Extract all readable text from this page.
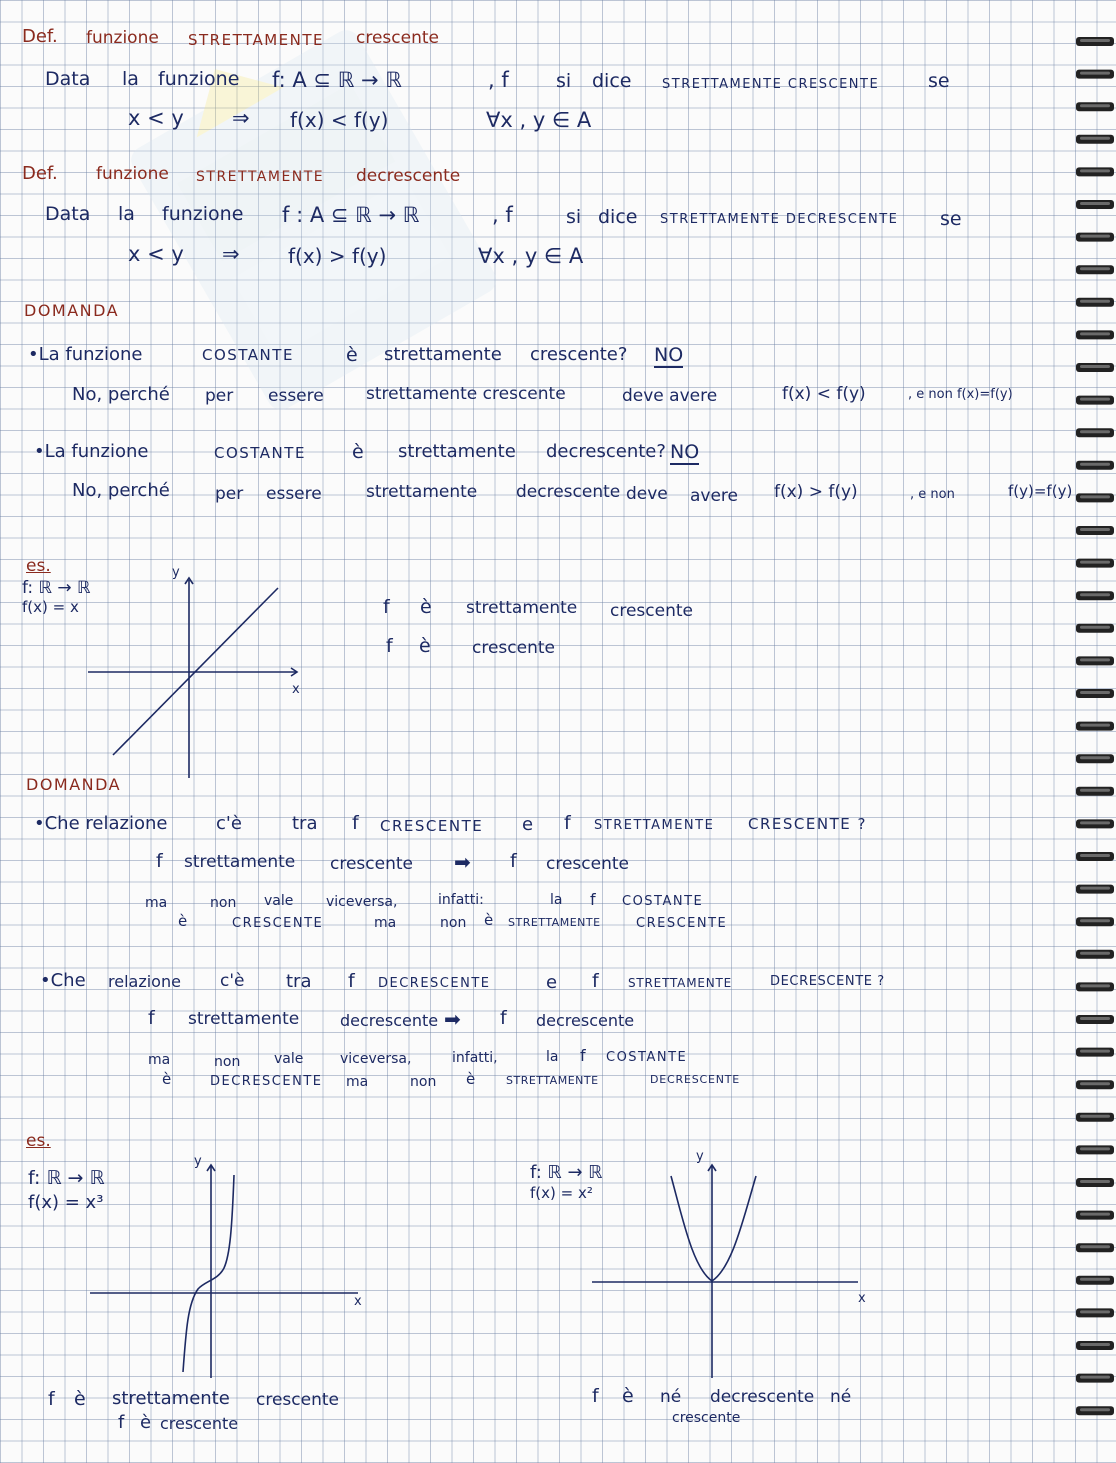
Def. funzione STRETTAMENTE crescente
Data la funzione f: A ⊆ ℝ → ℝ	, f si dice STRETTAMENTE CRESCENTE	se
x < y ⇒ f(x) < f(y)	∀x , y ∈ A
Def. funzione STRETTAMENTE decrescente
Data la funzione f : A ⊆ ℝ → ℝ	, f	si dice STRETTAMENTE DECRESCENTE se
x < y ⇒ f(x) > f(y)	∀x , y ∈ A
DOMANDA
•La funzione	COSTANTE	è strettamente crescente? NO
No, perché per essere strettamente crescente	deve avere	f(x) < f(y)	, e non f(x)=f(y)
•La funzione	COSTANTE è strettamente decrescente? NO
No, perché	per essere	strettamente decrescente deve avere f(x) > f(y)	, e non	f(y)=f(y)
es.
f: ℝ → ℝ
f(x) = x
y
x
f è strettamente crescente
f è crescente
DOMANDA
•Che relazione	c'è	tra f CRESCENTE e f STRETTAMENTE CRESCENTE ?
f strettamente crescente ➡ f crescente
ma	non vale viceversa,	infatti:	la f COSTANTE
è	CRESCENTE	ma	non è STRETTAMENTE	CRESCENTE
•Che relazione c'è tra f DECRESCENTE	e f STRETTAMENTE	DECRESCENTE ?
f strettamente	decrescente ➡ f decrescente
ma	non vale	viceversa,	infatti,	la f COSTANTE
è	DECRESCENTE ma	non è	STRETTAMENTE	DECRESCENTE
es.
f: ℝ → ℝ
f(x) = x³
y
x
f: ℝ → ℝ
f(x) = x²
y
x
f è strettamente crescente
f è crescente
f è né decrescente né
crescente
